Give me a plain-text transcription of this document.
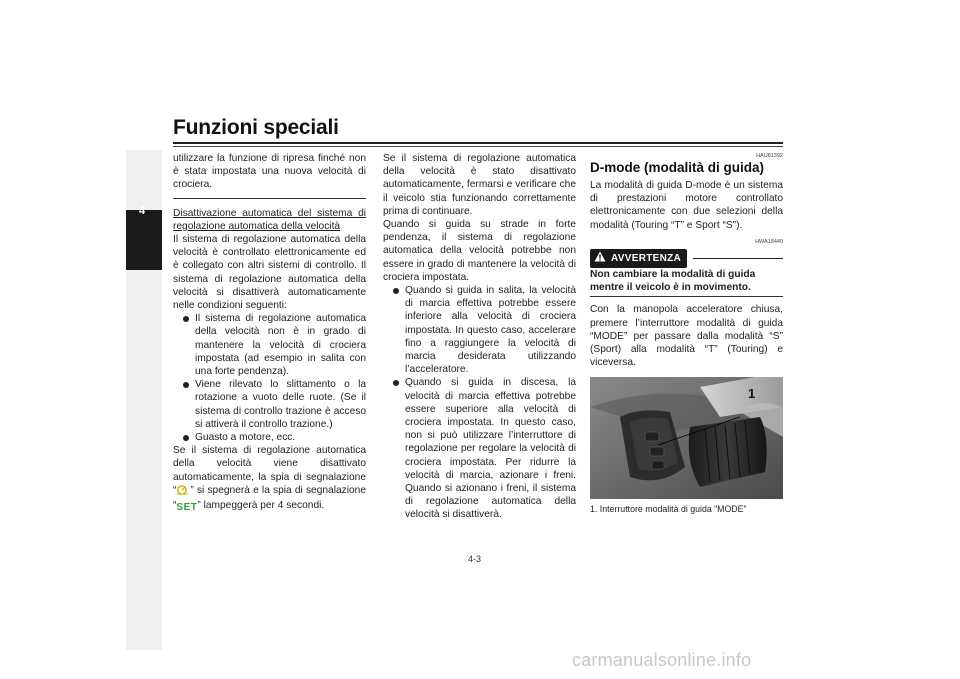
Funzioni speciali
4

utilizzare la funzione di ripresa finché non è stata impostata una nuova velocità di crociera.

Disattivazione automatica del sistema di regolazione automatica della velocità

Il sistema di regolazione automatica della velocità è controllato elettronicamente ed è collegato con altri sistemi di controllo. Il sistema di regolazione automatica della velocità si disattiverà automaticamente nelle condizioni seguenti:

Il sistema di regolazione automatica della velocità non è in grado di mantenere la velocità di crociera impostata (ad esempio in salita con una forte pendenza).
Viene rilevato lo slittamento o la rotazione a vuoto delle ruote. (Se il sistema di controllo trazione è acceso si attiverà il controllo trazione.)
Guasto a motore, ecc.

Se il sistema di regolazione automatica della velocità viene disattivato automaticamente, la spia di segnalazione “ ” si spegnerà e la spia di segnalazione “SET” lampeggerà per 4 secondi.

Se il sistema di regolazione automatica della velocità è stato disattivato automaticamente, fermarsi e verificare che il veicolo stia funzionando correttamente prima di continuare.

Quando si guida su strade in forte pendenza, il sistema di regolazione automatica della velocità potrebbe non essere in grado di mantenere la velocità di crociera impostata.

Quando si guida in salita, la velocità di marcia effettiva potrebbe essere inferiore alla velocità di crociera impostata. In questo caso, accelerare fino a raggiungere la velocità di marcia desiderata utilizzando l’acceleratore.
Quando si guida in discesa, la velocità di marcia effettiva potrebbe essere superiore alla velocità di crociera impostata. In questo caso, non si può utilizzare l’interruttore di regolazione per regolare la velocità di crociera impostata. Per ridurre la velocità di marcia, azionare i freni. Quando si azionano i freni, il sistema di regolazione automatica della velocità si disattiverà.
HAU81392
D-mode (modalità di guida)

La modalità di guida D-mode è un sistema di prestazioni motore controllato elettronicamente con due selezioni della modalità (Touring “T” e Sport “S”).

HWA18440
AVVERTENZA

Non cambiare la modalità di guida mentre il veicolo è in movimento.

Con la manopola acceleratore chiusa, premere l’interruttore modalità di guida “MODE” per passare dalla modalità “S” (Sport) alla modalità “T” (Touring) e viceversa.

1
1. Interruttore modalità di guida “MODE”
4-3
carmanualsonline.info
